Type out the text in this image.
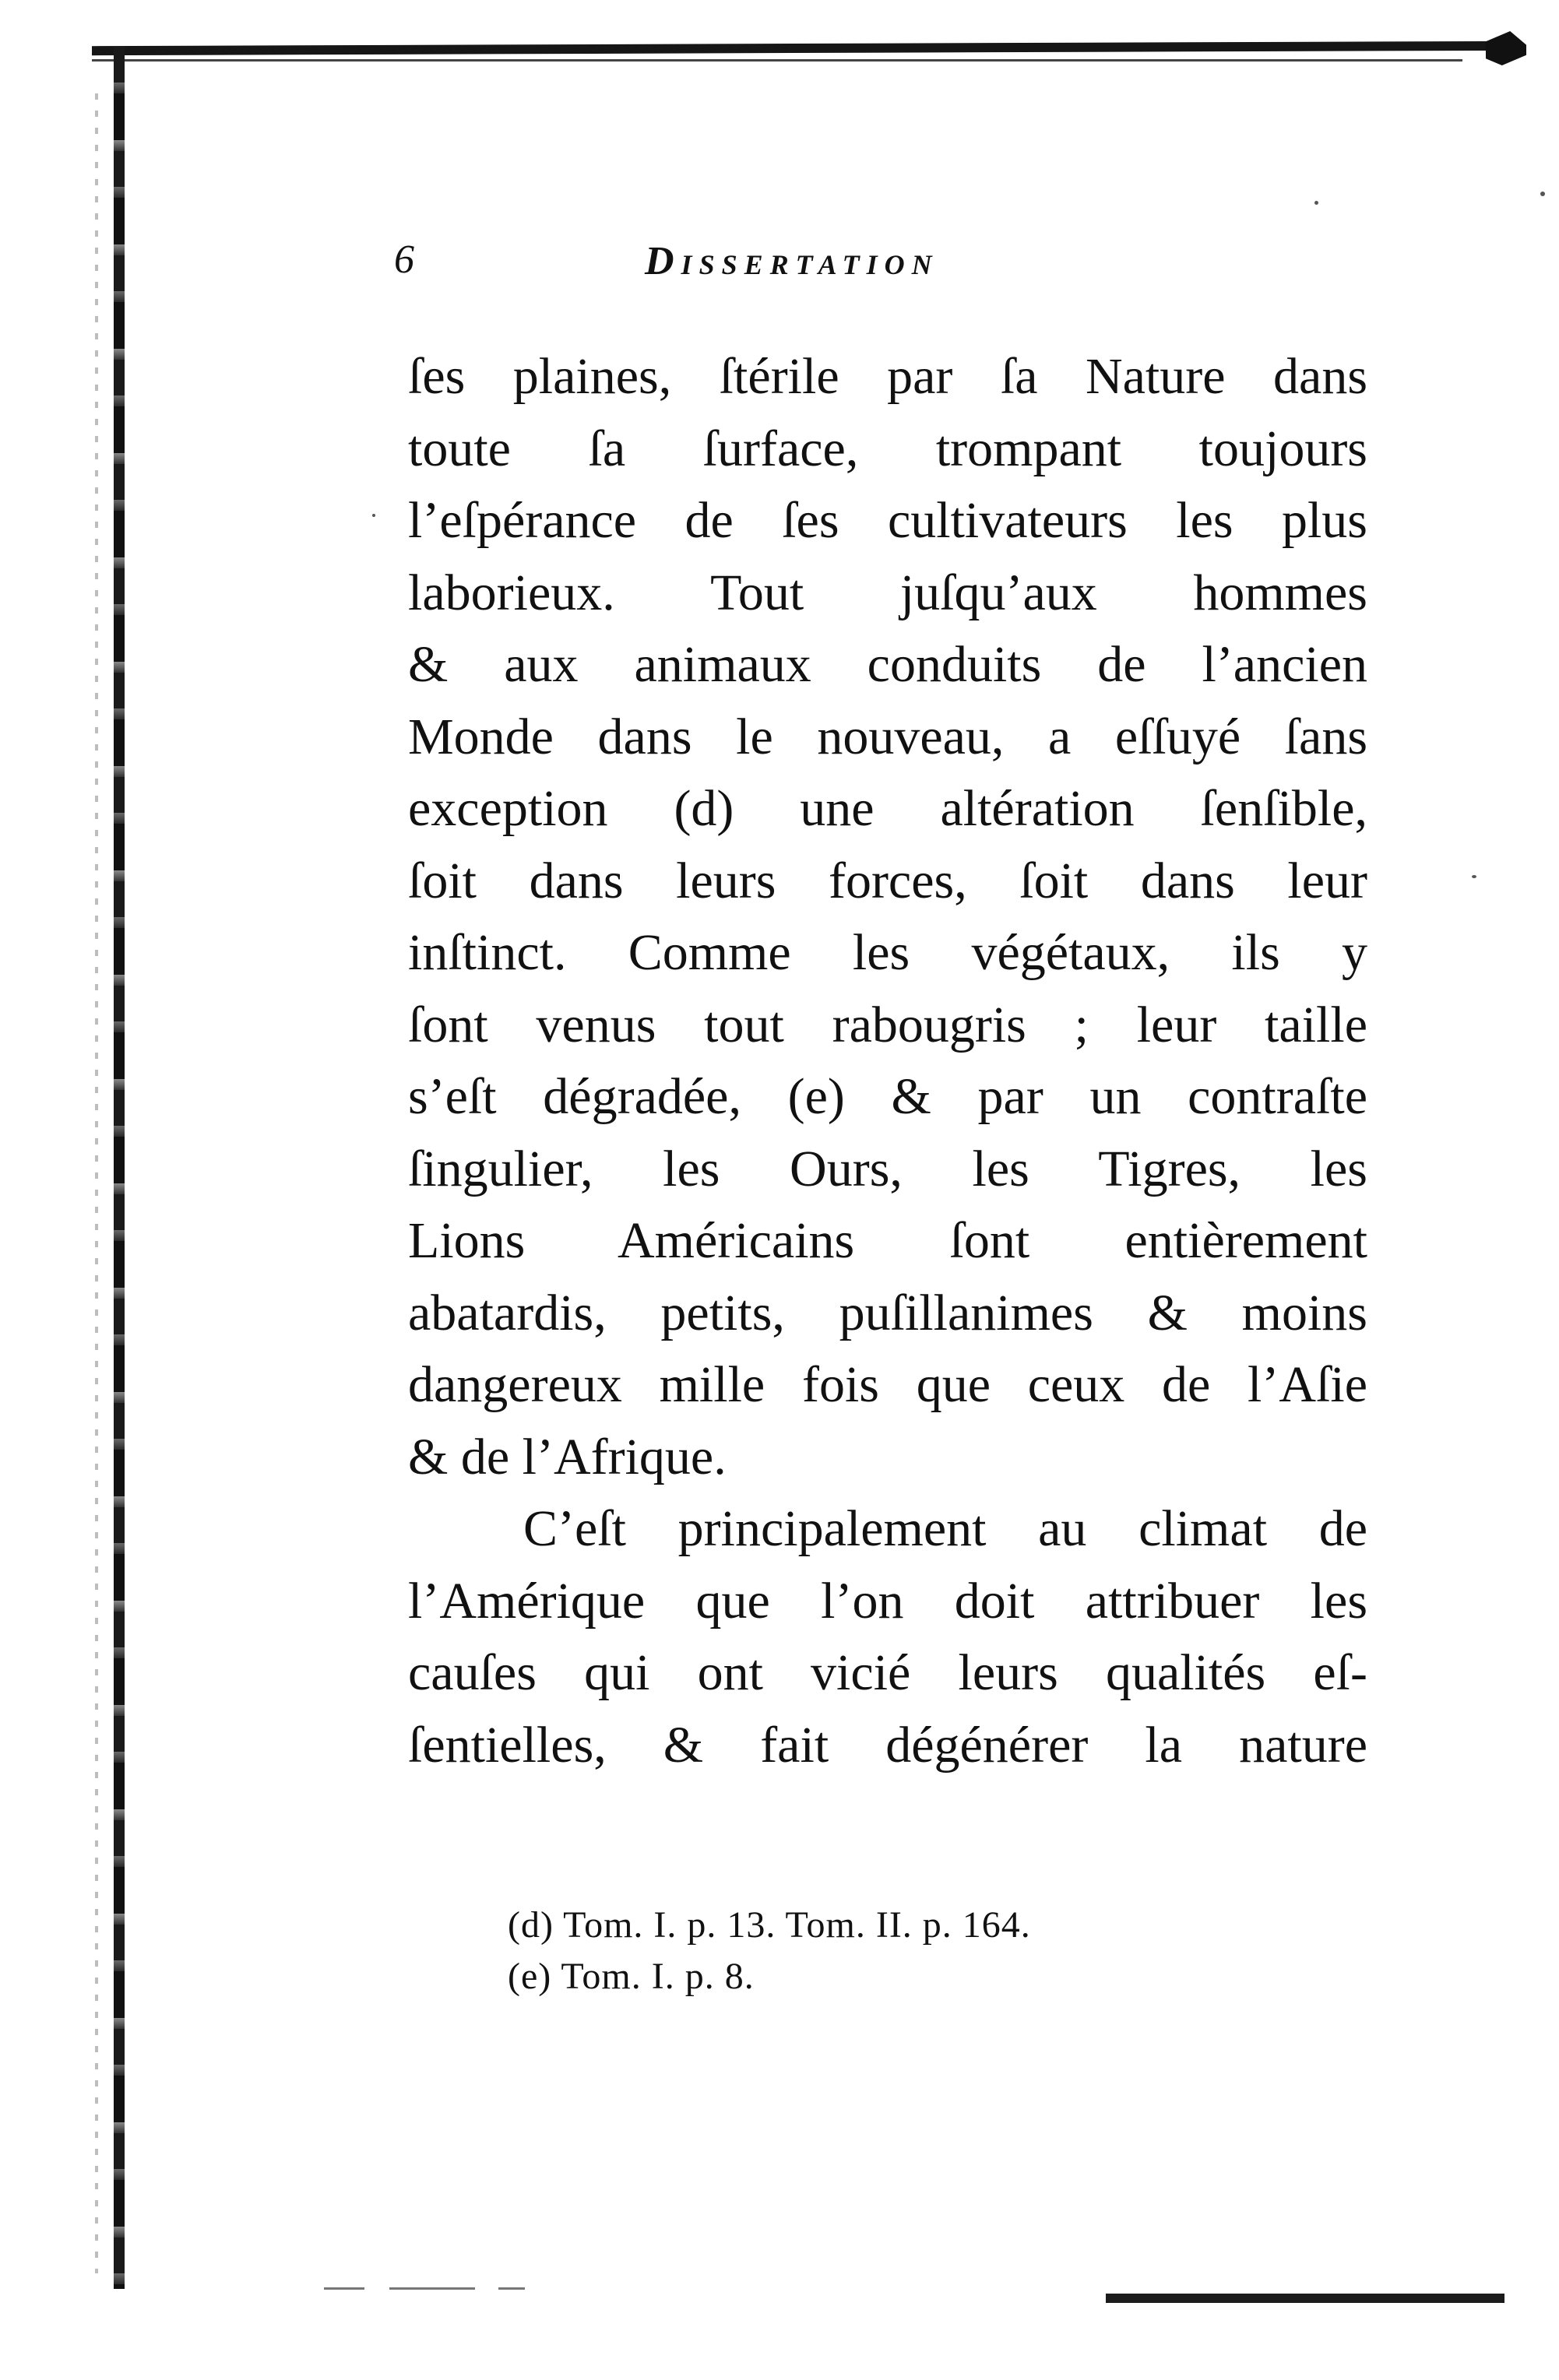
6	Dissertation
ſes plaines, ſtérile par ſa Nature dans
toute ſa ſurface, trompant toujours
l’eſpérance de ſes cultivateurs les plus
laborieux. Tout juſqu’aux hommes
& aux animaux conduits de l’ancien
Monde dans le nouveau, a eſſuyé ſans
exception (d) une altération ſenſible,
ſoit dans leurs forces, ſoit dans leur
inſtinct. Comme les végétaux, ils y
ſont venus tout rabougris ; leur taille
s’eſt dégradée, (e) & par un contraſte
ſingulier, les Ours, les Tigres, les
Lions Américains ſont entièrement
abatardis, petits, puſillanimes & moins
dangereux mille fois que ceux de l’Aſie
& de l’Afrique.
C’eſt principalement au climat de
l’Amérique que l’on doit attribuer les
cauſes qui ont vicié leurs qualités eſ-
ſentielles, & fait dégénérer la nature
(d) Tom. I. p. 13. Tom. II. p. 164.
(e) Tom. I. p. 8.
